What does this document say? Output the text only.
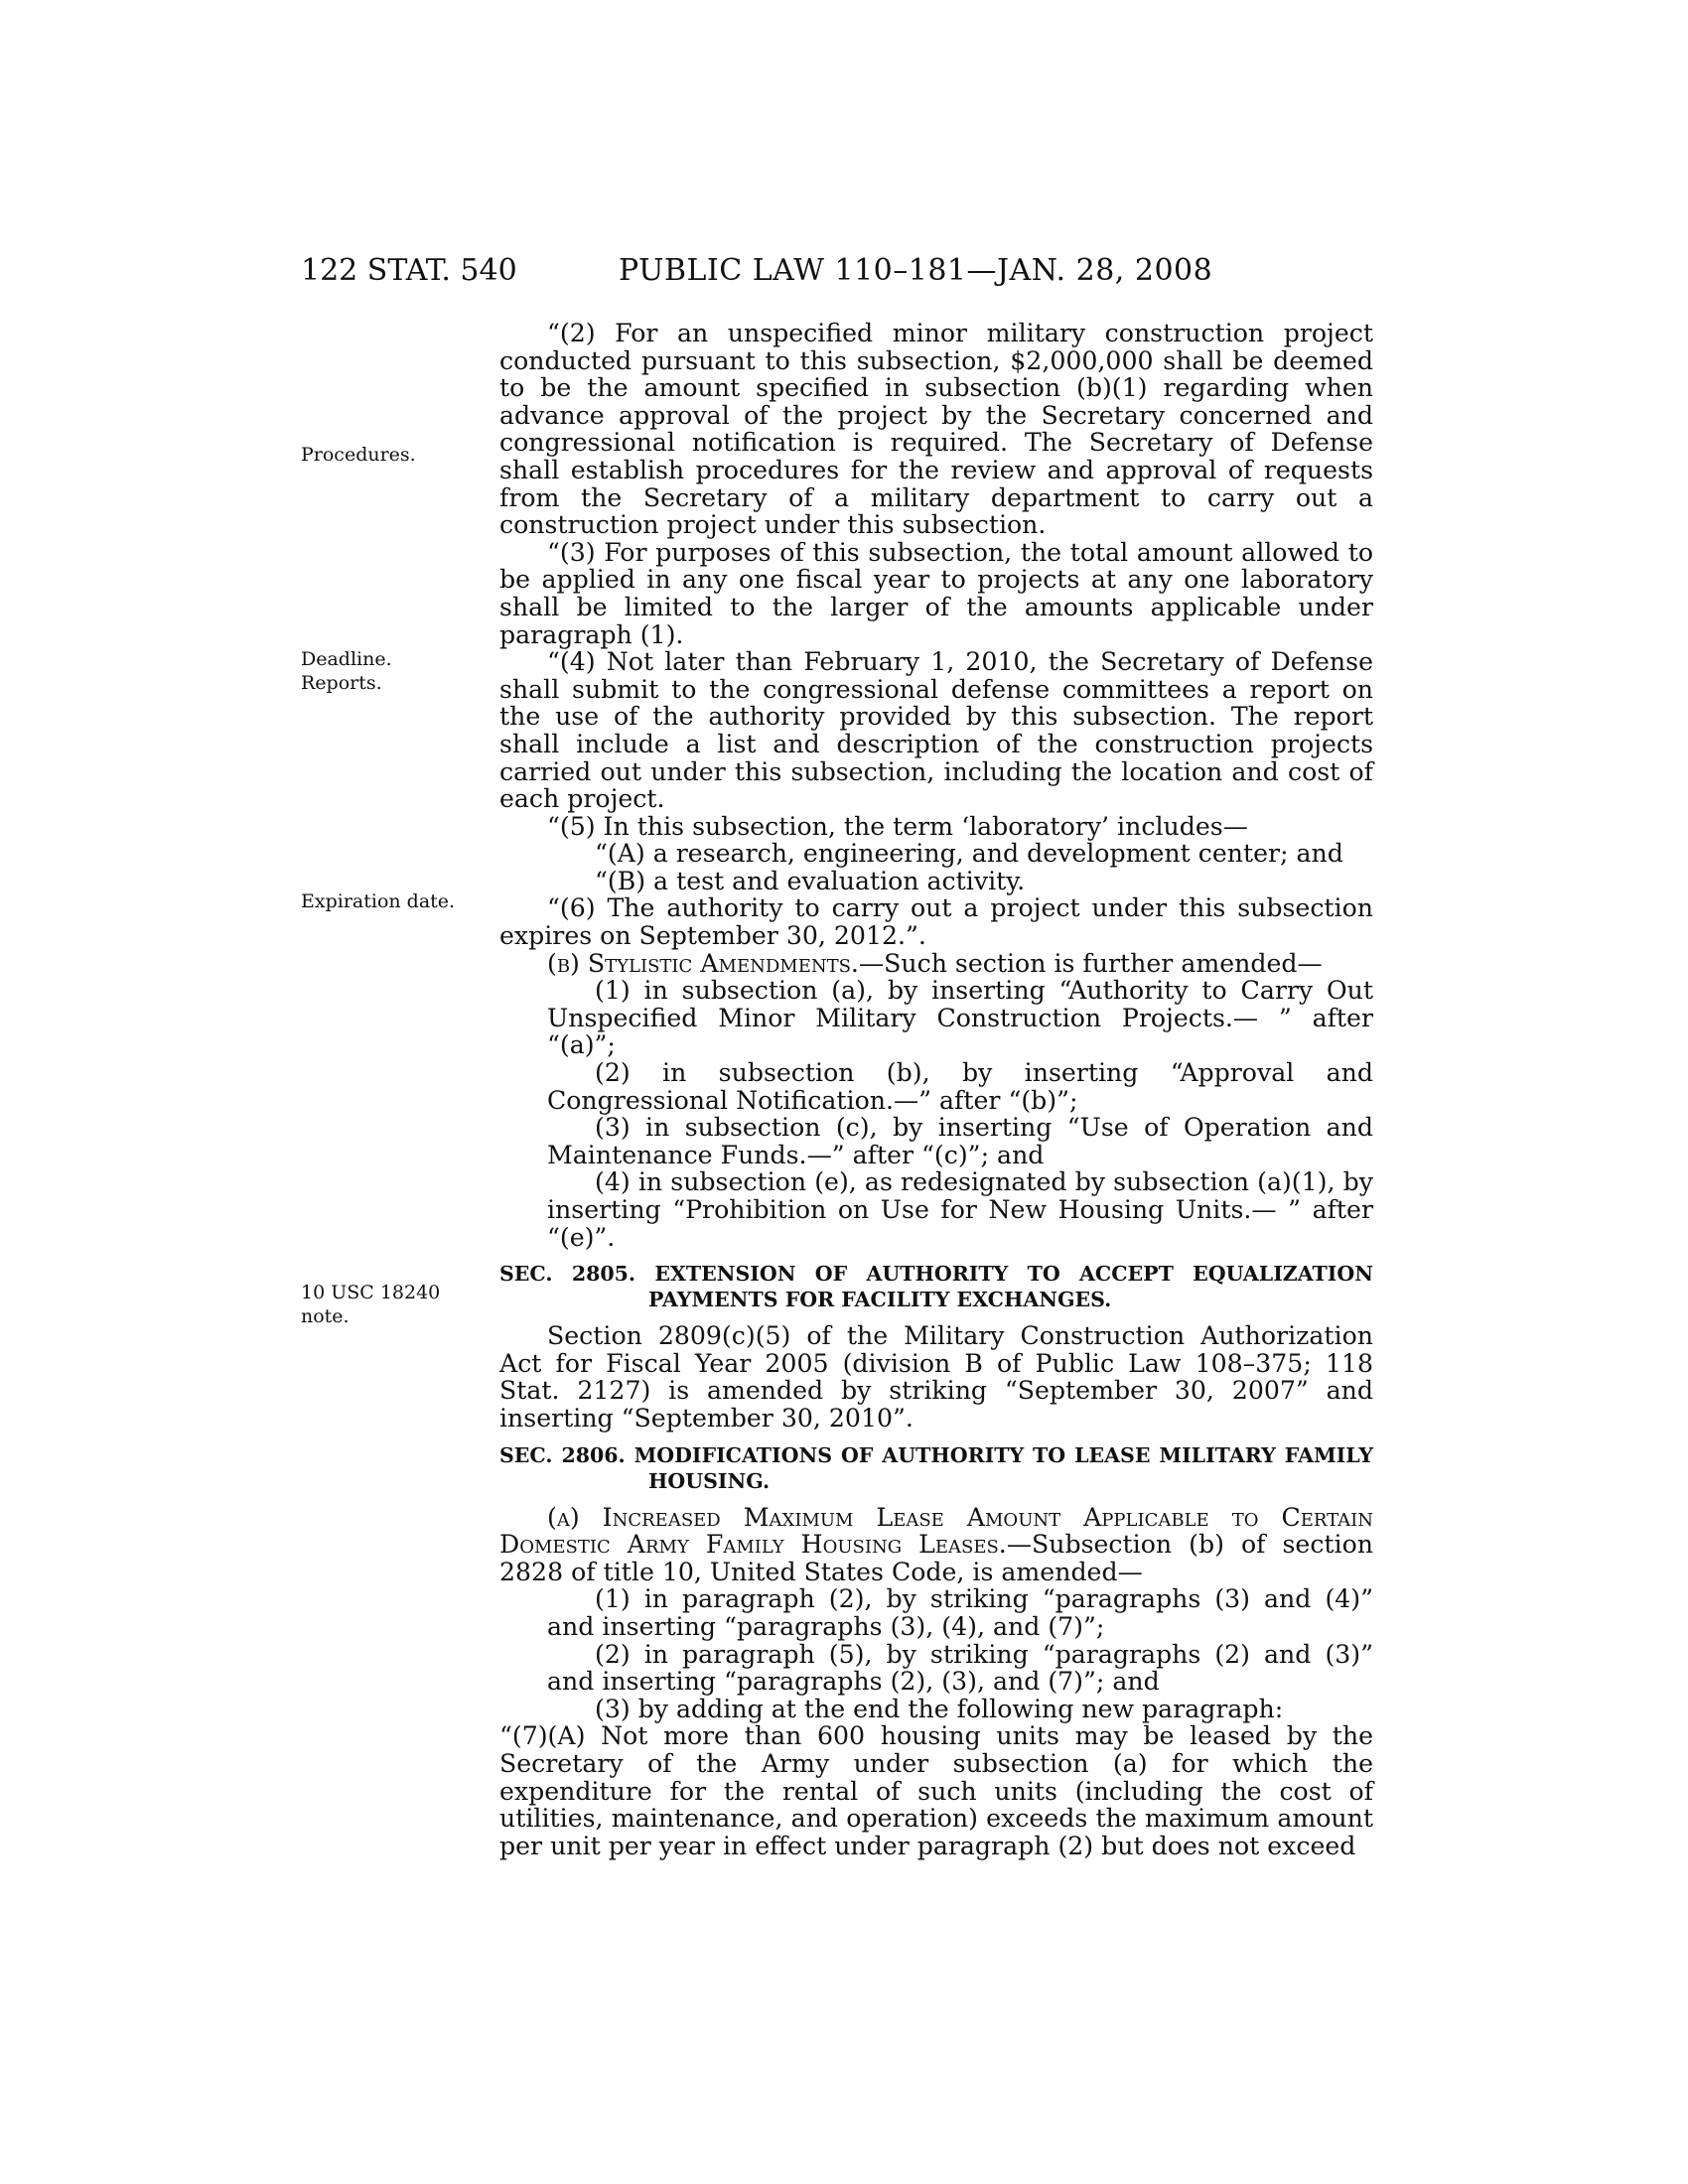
122 STAT. 540	PUBLIC LAW 110–181—JAN. 28, 2008
Procedures.
Deadline.
Reports.
Expiration date.
10 USC 18240
note.

“(2) For an unspecified minor military construction project conducted pursuant to this subsection, $2,000,000 shall be deemed to be the amount specified in subsection (b)(1) regarding when advance approval of the project by the Secretary concerned and congressional notification is required. The Secretary of Defense shall establish procedures for the review and approval of requests from the Secretary of a military department to carry out a construction project under this subsection.

“(3) For purposes of this subsection, the total amount allowed to be applied in any one fiscal year to projects at any one laboratory shall be limited to the larger of the amounts applicable under paragraph (1).

“(4) Not later than February 1, 2010, the Secretary of Defense shall submit to the congressional defense committees a report on the use of the authority provided by this subsection. The report shall include a list and description of the construction projects carried out under this subsection, including the location and cost of each project.

“(5) In this subsection, the term ‘laboratory’ includes—

“(A) a research, engineering, and development center; and

“(B) a test and evaluation activity.

“(6) The authority to carry out a project under this subsection expires on September 30, 2012.”.

(b) Stylistic Amendments.—Such section is further amended—

(1) in subsection (a), by inserting “Authority to Carry Out Unspecified Minor Military Construction Projects.— ” after “(a)”;

(2) in subsection (b), by inserting “Approval and Congressional Notification.—” after “(b)”;

(3) in subsection (c), by inserting “Use of Operation and Maintenance Funds.—” after “(c)”; and

(4) in subsection (e), as redesignated by subsection (a)(1), by inserting “Prohibition on Use for New Housing Units.— ” after “(e)”.

SEC. 2805. EXTENSION OF AUTHORITY TO ACCEPT EQUALIZATION PAYMENTS FOR FACILITY EXCHANGES.

Section 2809(c)(5) of the Military Construction Authorization Act for Fiscal Year 2005 (division B of Public Law 108–375; 118 Stat. 2127) is amended by striking “September 30, 2007” and inserting “September 30, 2010”.

SEC. 2806. MODIFICATIONS OF AUTHORITY TO LEASE MILITARY FAMILY HOUSING.

(a) Increased Maximum Lease Amount Applicable to Certain Domestic Army Family Housing Leases.—Subsection (b) of section 2828 of title 10, United States Code, is amended—

(1) in paragraph (2), by striking “paragraphs (3) and (4)” and inserting “paragraphs (3), (4), and (7)”;

(2) in paragraph (5), by striking “paragraphs (2) and (3)” and inserting “paragraphs (2), (3), and (7)”; and

(3) by adding at the end the following new paragraph:

“(7)(A) Not more than 600 housing units may be leased by the Secretary of the Army under subsection (a) for which the expenditure for the rental of such units (including the cost of utilities, maintenance, and operation) exceeds the maximum amount per unit per year in effect under paragraph (2) but does not exceed
